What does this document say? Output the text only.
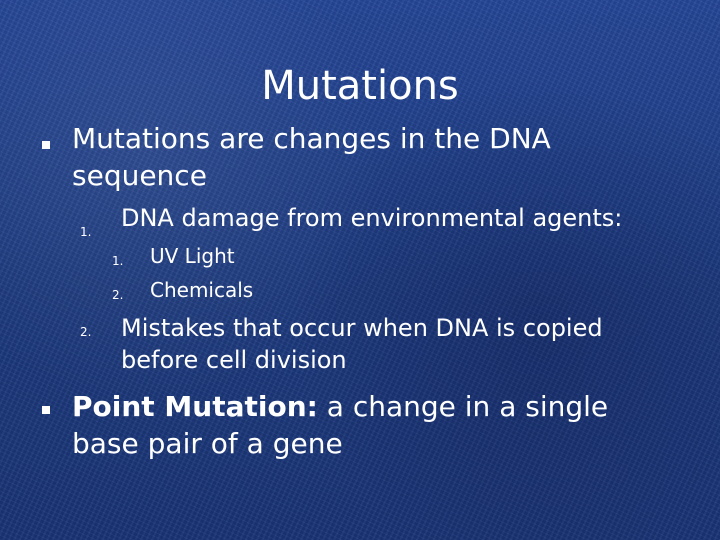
Mutations

Mutations are changes in the DNA

sequence

1. DNA damage from environmental agents:

1. UV Light

2. Chemicals

2. Mistakes that occur when DNA is copied

before cell division

Point Mutation: a change in a single

base pair of a gene
